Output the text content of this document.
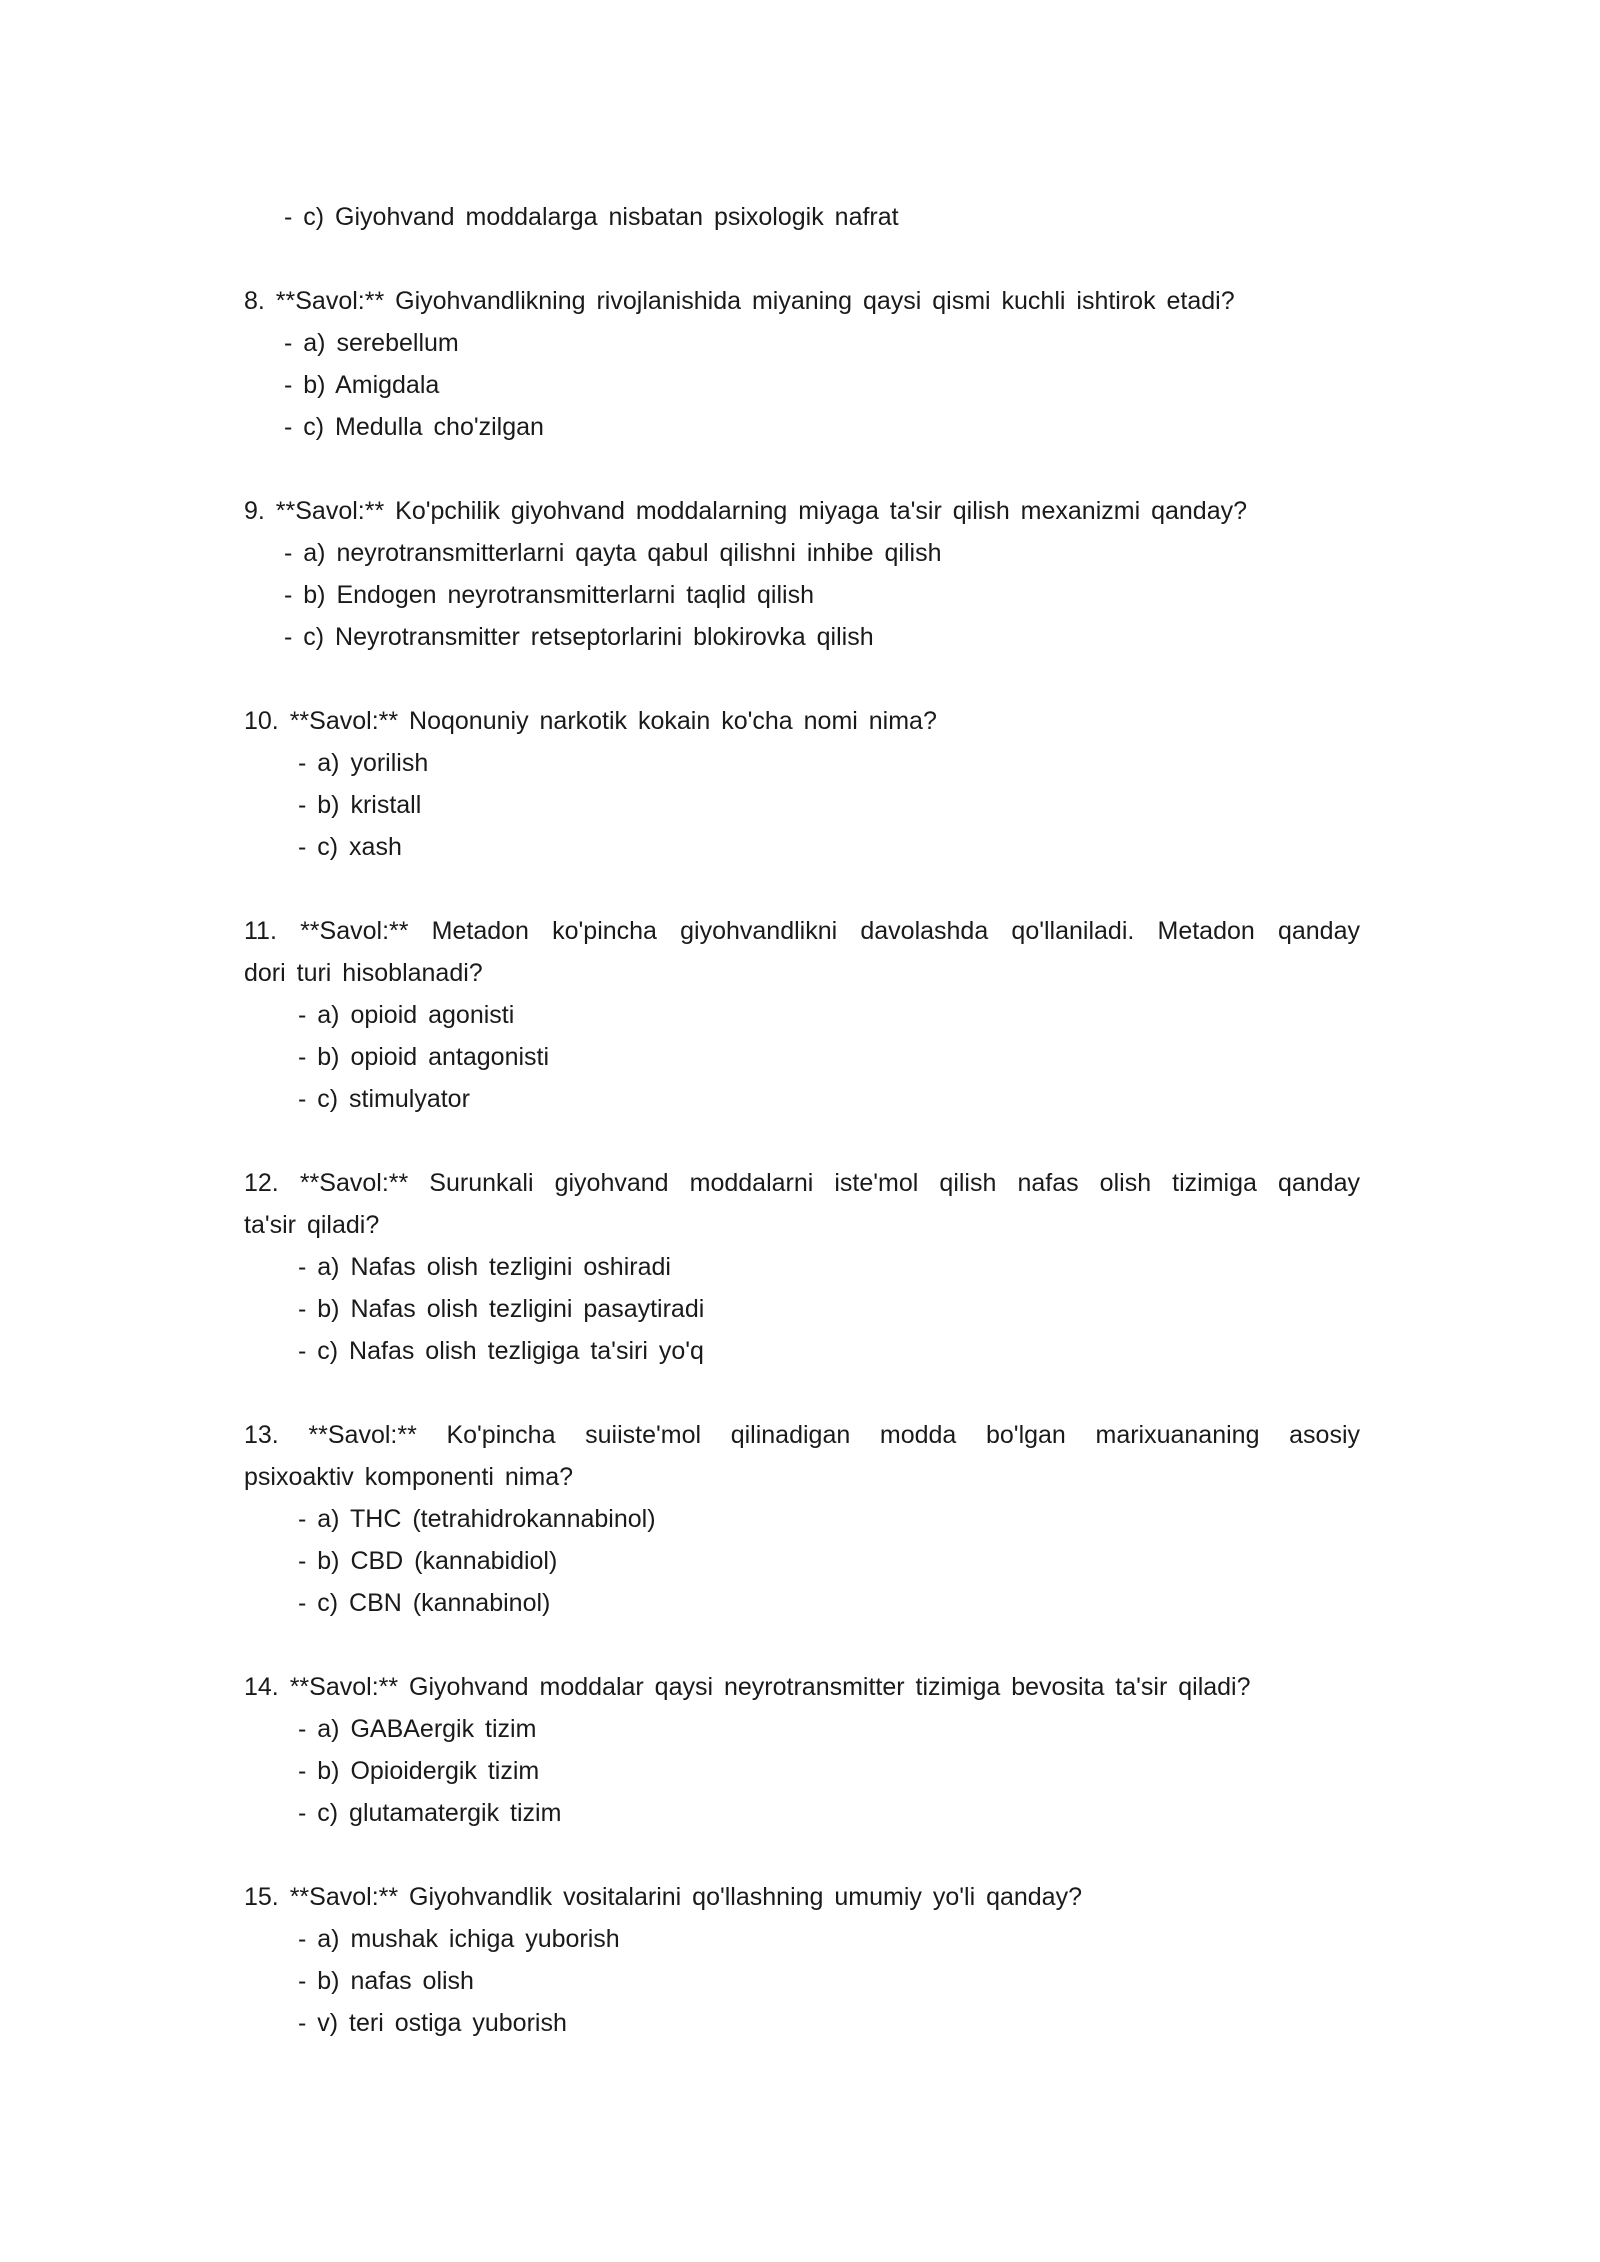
- c) Giyohvand moddalarga nisbatan psixologik nafrat
8. **Savol:** Giyohvandlikning rivojlanishida miyaning qaysi qismi kuchli ishtirok etadi?
- a) serebellum
- b) Amigdala
- c) Medulla cho'zilgan
9. **Savol:** Ko'pchilik giyohvand moddalarning miyaga ta'sir qilish mexanizmi qanday?
- a) neyrotransmitterlarni qayta qabul qilishni inhibe qilish
- b) Endogen neyrotransmitterlarni taqlid qilish
- c) Neyrotransmitter retseptorlarini blokirovka qilish
10. **Savol:** Noqonuniy narkotik kokain ko'cha nomi nima?
- a) yorilish
- b) kristall
- c) xash
11. **Savol:** Metadon ko'pincha giyohvandlikni davolashda qo'llaniladi. Metadon qanday
dori turi hisoblanadi?
- a) opioid agonisti
- b) opioid antagonisti
- c) stimulyator
12. **Savol:** Surunkali giyohvand moddalarni iste'mol qilish nafas olish tizimiga qanday
ta'sir qiladi?
- a) Nafas olish tezligini oshiradi
- b) Nafas olish tezligini pasaytiradi
- c) Nafas olish tezligiga ta'siri yo'q
13. **Savol:** Ko'pincha suiiste'mol qilinadigan modda bo'lgan marixuananing asosiy
psixoaktiv komponenti nima?
- a) THC (tetrahidrokannabinol)
- b) CBD (kannabidiol)
- c) CBN (kannabinol)
14. **Savol:** Giyohvand moddalar qaysi neyrotransmitter tizimiga bevosita ta'sir qiladi?
- a) GABAergik tizim
- b) Opioidergik tizim
- c) glutamatergik tizim
15. **Savol:** Giyohvandlik vositalarini qo'llashning umumiy yo'li qanday?
- a) mushak ichiga yuborish
- b) nafas olish
- v) teri ostiga yuborish
